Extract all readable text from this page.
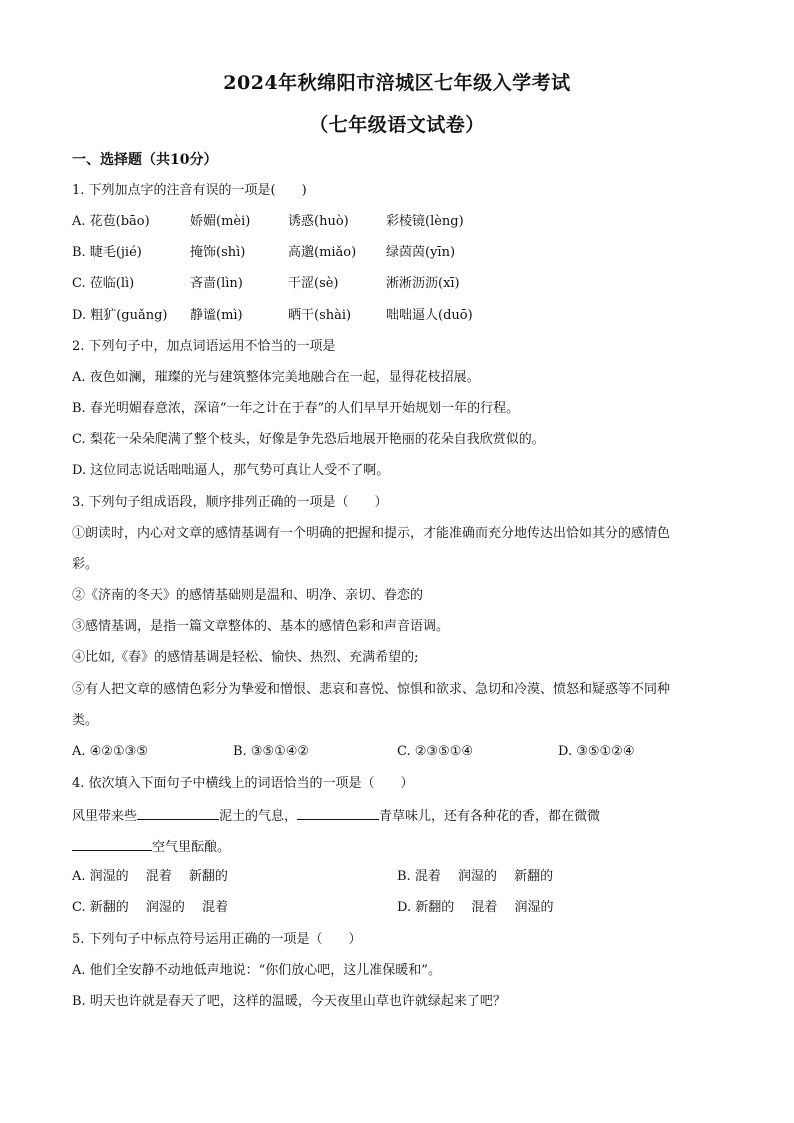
2024年秋绵阳市涪城区七年级入学考试
（七年级语文试卷）
一、选择题（共10分）
1. 下列加点字的注音有误的一项是(　　)
A. 花苞(bāo)	娇媚(mèi)	诱惑(huò)	彩棱镜(lèng)
B. 睫毛(jié)	掩饰(shì)	高邈(miǎo) 绿茵茵(yīn)
C. 莅临(lì)	吝啬(lìn)	干涩(sè)	淅淅沥沥(xī)
D. 粗犷(guǎng) 静谧(mì)	晒干(shài)	咄咄逼人(duō)
2. 下列句子中，加点词语运用不恰当的一项是
A. 夜色如澜，璀璨的光与建筑整体完美地融合在一起，显得花枝招展。
B. 春光明媚春意浓，深谙“一年之计在于春”的人们早早开始规划一年的行程。
C. 梨花一朵朵爬满了整个枝头，好像是争先恐后地展开艳丽的花朵自我欣赏似的。
D. 这位同志说话咄咄逼人，那气势可真让人受不了啊。
3. 下列句子组成语段，顺序排列正确的一项是（　　）
①朗读时，内心对文章的感情基调有一个明确的把握和提示，才能准确而充分地传达出恰如其分的感情色
彩。
②《济南的冬天》的感情基础则是温和、明净、亲切、眷恋的
③感情基调，是指一篇文章整体的、基本的感情色彩和声音语调。
④比如,《春》的感情基调是轻松、愉快、热烈、充满希望的;
⑤有人把文章的感情色彩分为挚爱和憎恨、悲哀和喜悦、惊惧和欲求、急切和冷漠、愤怒和疑惑等不同种
类。
A. ④②①③⑤	B. ③⑤①④②	C. ②③⑤①④	D. ③⑤①②④
4. 依次填入下面句子中横线上的词语恰当的一项是（　　）
风里带来些	泥土的气息，	青草味儿，还有各种花的香，都在微微
空气里酝酿。
A. 润湿的　 混着　 新翻的	B. 混着　 润湿的　 新翻的
C. 新翻的　 润湿的　 混着	D. 新翻的　 混着　 润湿的
5. 下列句子中标点符号运用正确的一项是（　　）
A. 他们全安静不动地低声地说：“你们放心吧，这儿准保暖和”。
B. 明天也许就是春天了吧，这样的温暖，今天夜里山草也许就绿起来了吧？
